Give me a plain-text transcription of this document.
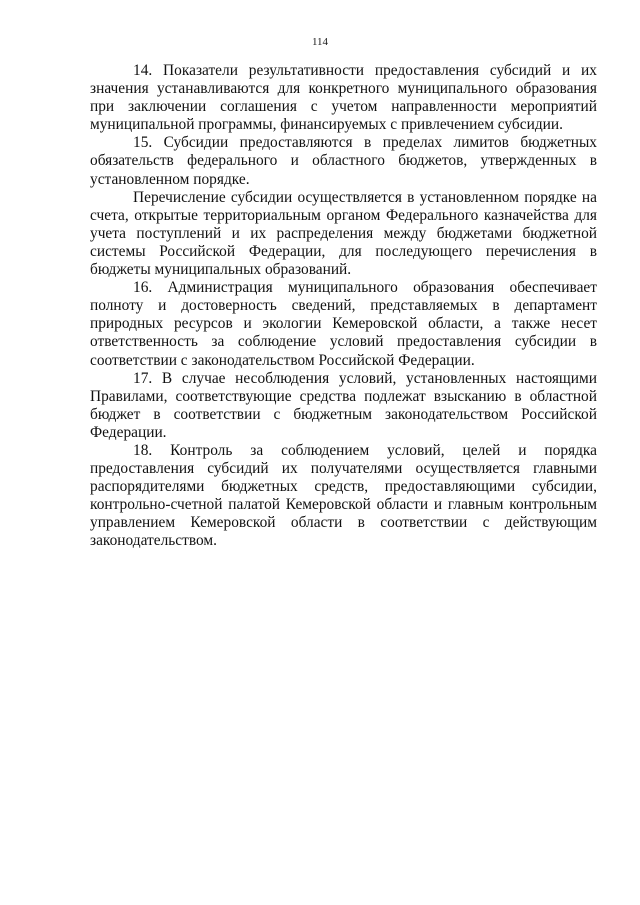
114

14. Показатели результативности предоставления субсидий и их значения устанавливаются для конкретного муниципального образования при заключении соглашения с учетом направленности мероприятий муниципальной программы, финансируемых с привлечением субсидии.

15. Субсидии предоставляются в пределах лимитов бюджетных обязательств федерального и областного бюджетов, утвержденных в установленном порядке.

Перечисление субсидии осуществляется в установленном порядке на счета, открытые территориальным органом Федерального казначейства для учета поступлений и их распределения между бюджетами бюджетной системы Российской Федерации, для последующего перечисления в бюджеты муниципальных образований.

16. Администрация муниципального образования обеспечивает полноту и достоверность сведений, представляемых в департамент природных ресурсов и экологии Кемеровской области, а также несет ответственность за соблюдение условий предоставления субсидии в соответствии с законодательством Российской Федерации.

17. В случае несоблюдения условий, установленных настоящими Правилами, соответствующие средства подлежат взысканию в областной бюджет в соответствии с бюджетным законодательством Российской Федерации.

18. Контроль за соблюдением условий, целей и порядка предоставления субсидий их получателями осуществляется главными распорядителями бюджетных средств, предоставляющими субсидии, контрольно-счетной палатой Кемеровской области и главным контрольным управлением Кемеровской области в соответствии с действующим законодательством.
